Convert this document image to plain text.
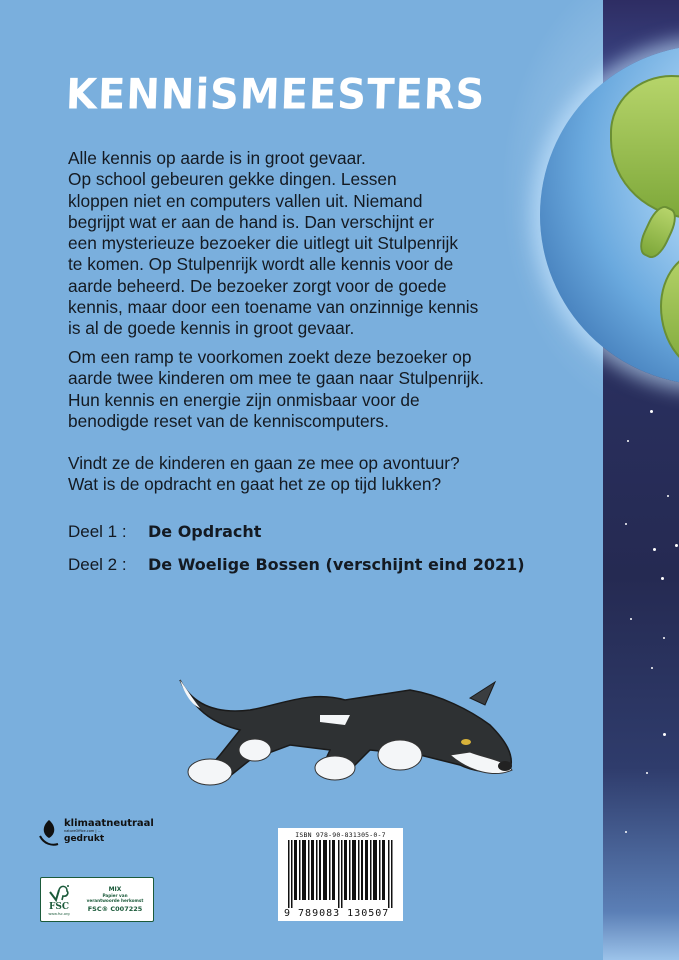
KENNiSMEESTERS

Alle kennis op aarde is in groot gevaar.

Op school gebeuren gekke dingen. Lessen

kloppen niet en computers vallen uit. Niemand

begrijpt wat er aan de hand is. Dan verschijnt er

een mysterieuze bezoeker die uitlegt uit Stulpenrijk

te komen. Op Stulpenrijk wordt alle kennis voor de

aarde beheerd. De bezoeker zorgt voor de goede

kennis, maar door een toename van onzinnige kennis

is al de goede kennis in groot gevaar.

Om een ramp te voorkomen zoekt deze bezoeker op

aarde twee kinderen om mee te gaan naar Stulpenrijk.

Hun kennis en energie zijn onmisbaar voor de

benodigde reset van de kenniscomputers.

Vindt ze de kinderen en gaan ze mee op avontuur?

Wat is de opdracht en gaat het ze op tijd lukken?

Deel 1 :	De Opdracht
Deel 2 :	De Woelige Bossen (verschijnt eind 2021)
klimaatneutraal
natureOffice.com | ...
gedrukt
FSC
www.fsc.org
MIX
Papier van
verantwoorde herkomst
FSC® C007225
ISBN 978-90-831305-0-7
9 789083 130507
